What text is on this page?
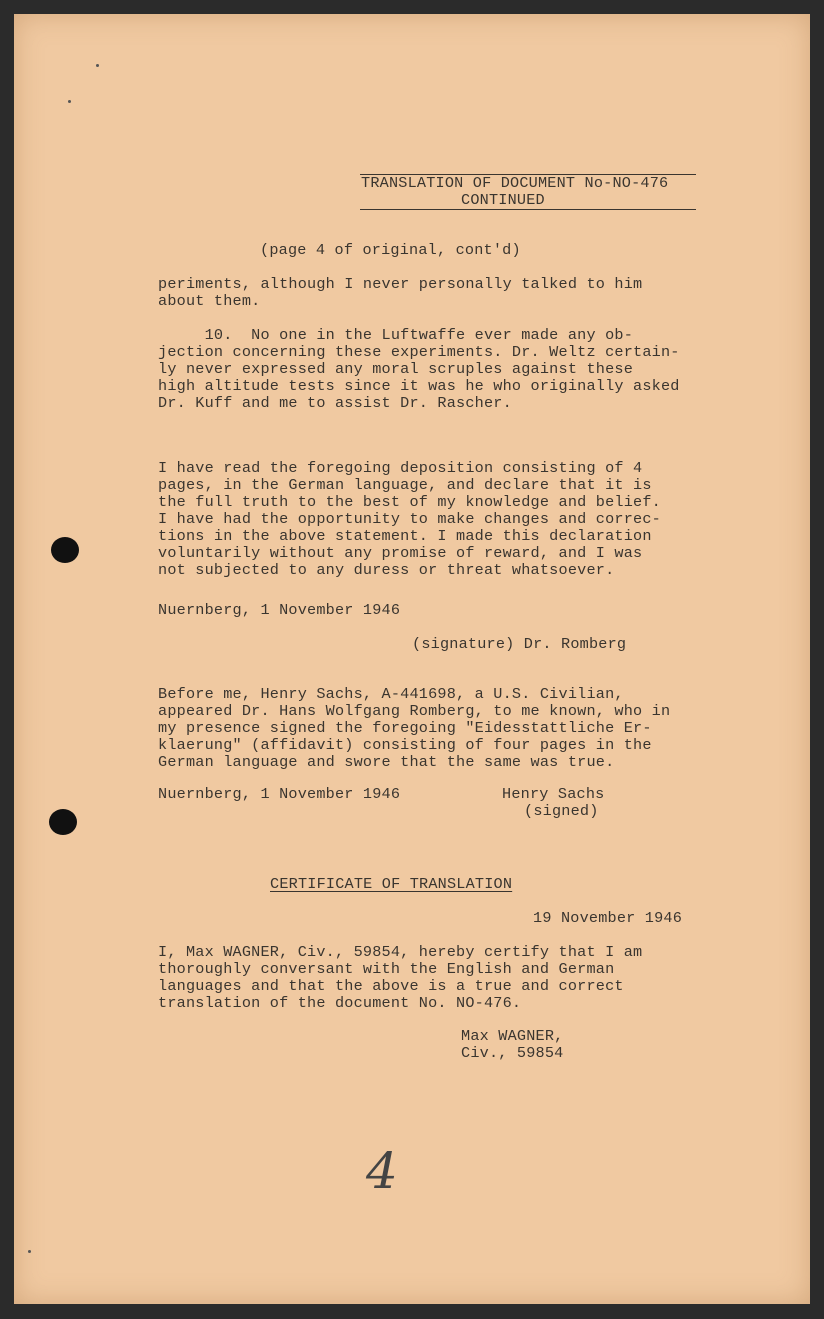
TRANSLATION OF DOCUMENT No-NO-476
CONTINUED
(page 4 of original, cont'd)
periments, although I never personally talked to him
about them.
10.  No one in the Luftwaffe ever made any ob-
jection concerning these experiments. Dr. Weltz certain-
ly never expressed any moral scruples against these
high altitude tests since it was he who originally asked
Dr. Kuff and me to assist Dr. Rascher.
I have read the foregoing deposition consisting of 4
pages, in the German language, and declare that it is
the full truth to the best of my knowledge and belief.
I have had the opportunity to make changes and correc-
tions in the above statement. I made this declaration
voluntarily without any promise of reward, and I was
not subjected to any duress or threat whatsoever.
Nuernberg, 1 November 1946
(signature) Dr. Romberg
Before me, Henry Sachs, A-441698, a U.S. Civilian,
appeared Dr. Hans Wolfgang Romberg, to me known, who in
my presence signed the foregoing "Eidesstattliche Er-
klaerung" (affidavit) consisting of four pages in the
German language and swore that the same was true.
Nuernberg, 1 November 1946	Henry Sachs
(signed)
CERTIFICATE OF TRANSLATION
19 November 1946
I, Max WAGNER, Civ., 59854, hereby certify that I am
thoroughly conversant with the English and German
languages and that the above is a true and correct
translation of the document No. NO-476.
Max WAGNER,
Civ., 59854
4
